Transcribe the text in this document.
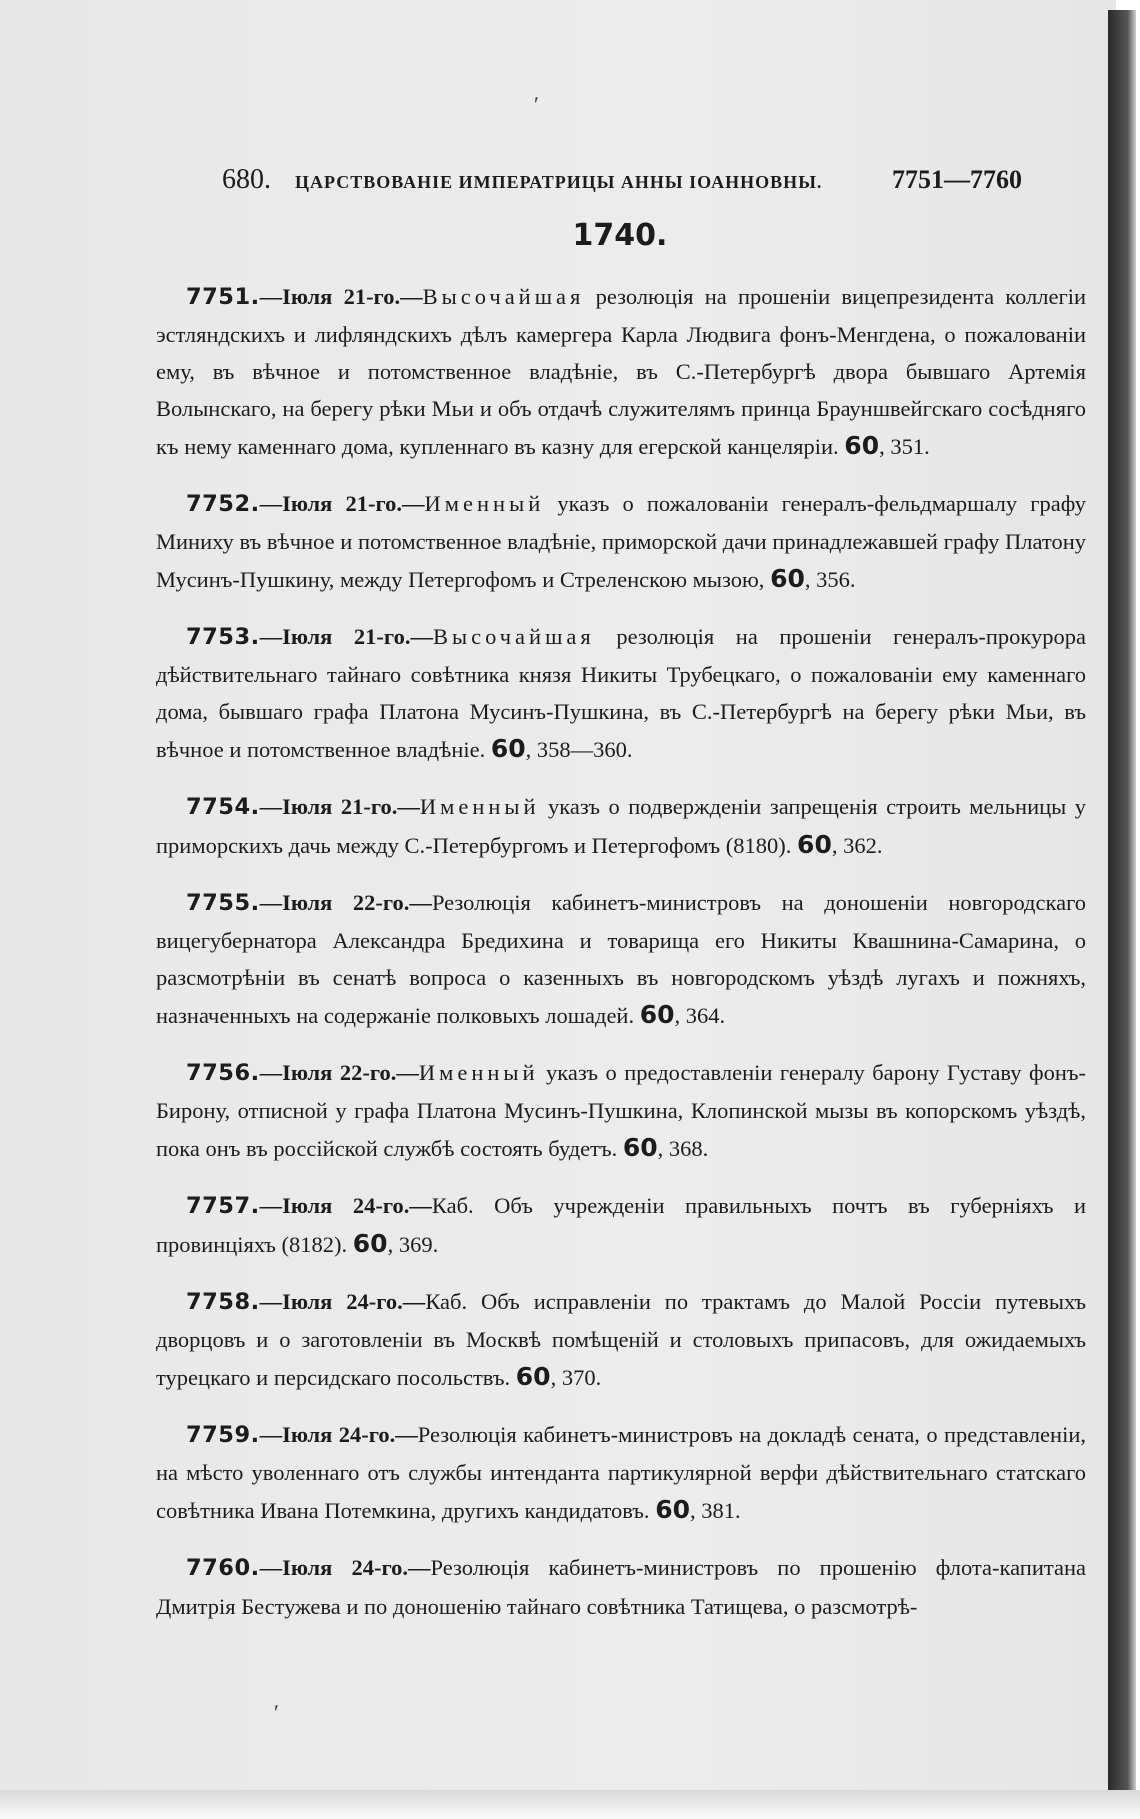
ʹ
ʹ
680. ЦАРСТВОВАНІЕ ИМПЕРАТРИЦЫ АННЫ ІОАННОВНЫ.	7751—7760
1740.

7751.—Іюля 21-го.—Высочайшая резолюція на прошеніи вицепрезидента коллегіи эстляндскихъ и лифляндскихъ дѣлъ камергера Карла Людвига фонъ-Менгдена, о пожалованіи ему, въ вѣчное и потомственное владѣніе, въ С.-Петербургѣ двора бывшаго Артемія Волынскаго, на берегу рѣки Мьи и объ отдачѣ служителямъ принца Брауншвейгскаго сосѣдняго къ нему каменнаго дома, купленнаго въ казну для егерской канцеляріи. 60, 351.

7752.—Іюля 21-го.—Именный указъ о пожалованіи генералъ-фельдмаршалу графу Миниху въ вѣчное и потомственное владѣніе, приморской дачи принадлежавшей графу Платону Мусинъ-Пушкину, между Петергофомъ и Стреленскою мызою, 60, 356.

7753.—Іюля 21-го.—Высочайшая резолюція на прошеніи генералъ-прокурора дѣйствительнаго тайнаго совѣтника князя Никиты Трубецкаго, о пожалованіи ему каменнаго дома, бывшаго графа Платона Мусинъ-Пушкина, въ С.-Петербургѣ на берегу рѣки Мьи, въ вѣчное и потомственное владѣніе. 60, 358—360.

7754.—Іюля 21-го.—Именный указъ о подвержденіи запрещенія строить мельницы у приморскихъ дачь между С.-Петербургомъ и Петергофомъ (8180). 60, 362.

7755.—Іюля 22-го.—Резолюція кабинетъ-министровъ на доношеніи новгородскаго вицегубернатора Александра Бредихина и товарища его Никиты Квашнина-Самарина, о разсмотрѣніи въ сенатѣ вопроса о казенныхъ въ новгородскомъ уѣздѣ лугахъ и пожняхъ, назначенныхъ на содержаніе полковыхъ лошадей. 60, 364.

7756.—Іюля 22-го.—Именный указъ о предоставленіи генералу барону Густаву фонъ-Бирону, отписной у графа Платона Мусинъ-Пушкина, Клопинской мызы въ копорскомъ уѣздѣ, пока онъ въ россійской службѣ состоять будетъ. 60, 368.

7757.—Іюля 24-го.—Каб. Объ учрежденіи правильныхъ почтъ въ губерніяхъ и провинціяхъ (8182). 60, 369.

7758.—Іюля 24-го.—Каб. Объ исправленіи по трактамъ до Малой Россіи путевыхъ дворцовъ и о заготовленіи въ Москвѣ помѣщеній и столовыхъ припасовъ, для ожидаемыхъ турецкаго и персидскаго посольствъ. 60, 370.

7759.—Іюля 24-го.—Резолюція кабинетъ-министровъ на докладѣ сената, о представленіи, на мѣсто уволеннаго отъ службы интенданта партикулярной верфи дѣйствительнаго статскаго совѣтника Ивана Потемкина, другихъ кандидатовъ. 60, 381.

7760.—Іюля 24-го.—Резолюція кабинетъ-министровъ по прошенію флота-капитана Дмитрія Бестужева и по доношенію тайнаго совѣтника Татищева, о разсмотрѣ-
